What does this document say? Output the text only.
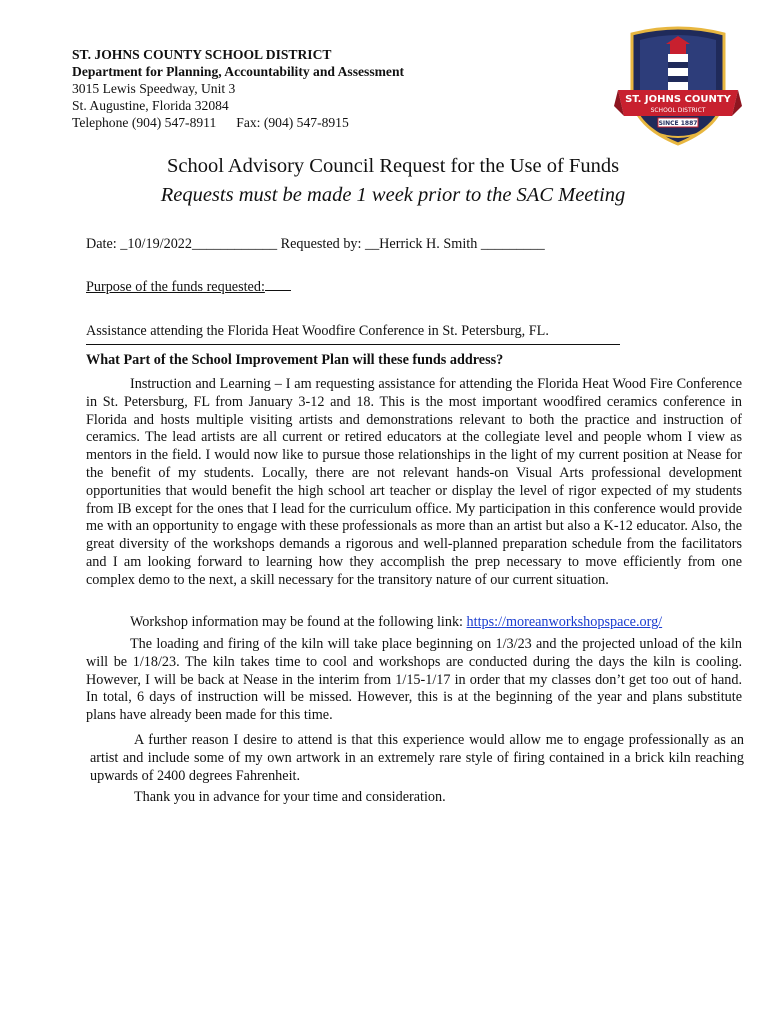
ST. JOHNS COUNTY SCHOOL DISTRICT
Department for Planning, Accountability and Assessment
3015 Lewis Speedway, Unit 3
St. Augustine, Florida 32084
Telephone (904) 547-8911 Fax: (904) 547-8915
ST. JOHNS COUNTY
SCHOOL DISTRICT
SINCE 1887
School Advisory Council Request for the Use of Funds
Requests must be made 1 week prior to the SAC Meeting
Date: _10/19/2022____________ Requested by: __Herrick H. Smith _________
Purpose of the funds requested:
Assistance attending the Florida Heat Woodfire Conference in St. Petersburg, FL.
What Part of the School Improvement Plan will these funds address?

Instruction and Learning – I am requesting assistance for attending the Florida Heat Wood Fire Conference in St. Petersburg, FL from January 3-12 and 18. This is the most important woodfired ceramics conference in Florida and hosts multiple visiting artists and demonstrations relevant to both the practice and instruction of ceramics. The lead artists are all current or retired educators at the collegiate level and people whom I view as mentors in the field. I would now like to pursue those relationships in the light of my current position at Nease for the benefit of my students. Locally, there are not relevant hands-on Visual Arts professional development opportunities that would benefit the high school art teacher or display the level of rigor expected of my students from IB except for the ones that I lead for the curriculum office. My participation in this conference would provide me with an opportunity to engage with these professionals as more than an artist but also a K-12 educator. Also, the great diversity of the workshops demands a rigorous and well-planned preparation schedule from the facilitators and I am looking forward to learning how they accomplish the prep necessary to move efficiently from one complex demo to the next, a skill necessary for the transitory nature of our current situation.

Workshop information may be found at the following link: https://moreanworkshopspace.org/

The loading and firing of the kiln will take place beginning on 1/3/23 and the projected unload of the kiln will be 1/18/23. The kiln takes time to cool and workshops are conducted during the days the kiln is cooling. However, I will be back at Nease in the interim from 1/15-1/17 in order that my classes don’t get too out of hand. In total, 6 days of instruction will be missed. However, this is at the beginning of the year and plans substitute plans have already been made for this time.

A further reason I desire to attend is that this experience would allow me to engage professionally as an artist and include some of my own artwork in an extremely rare style of firing contained in a brick kiln reaching upwards of 2400 degrees Fahrenheit.

Thank you in advance for your time and consideration.
